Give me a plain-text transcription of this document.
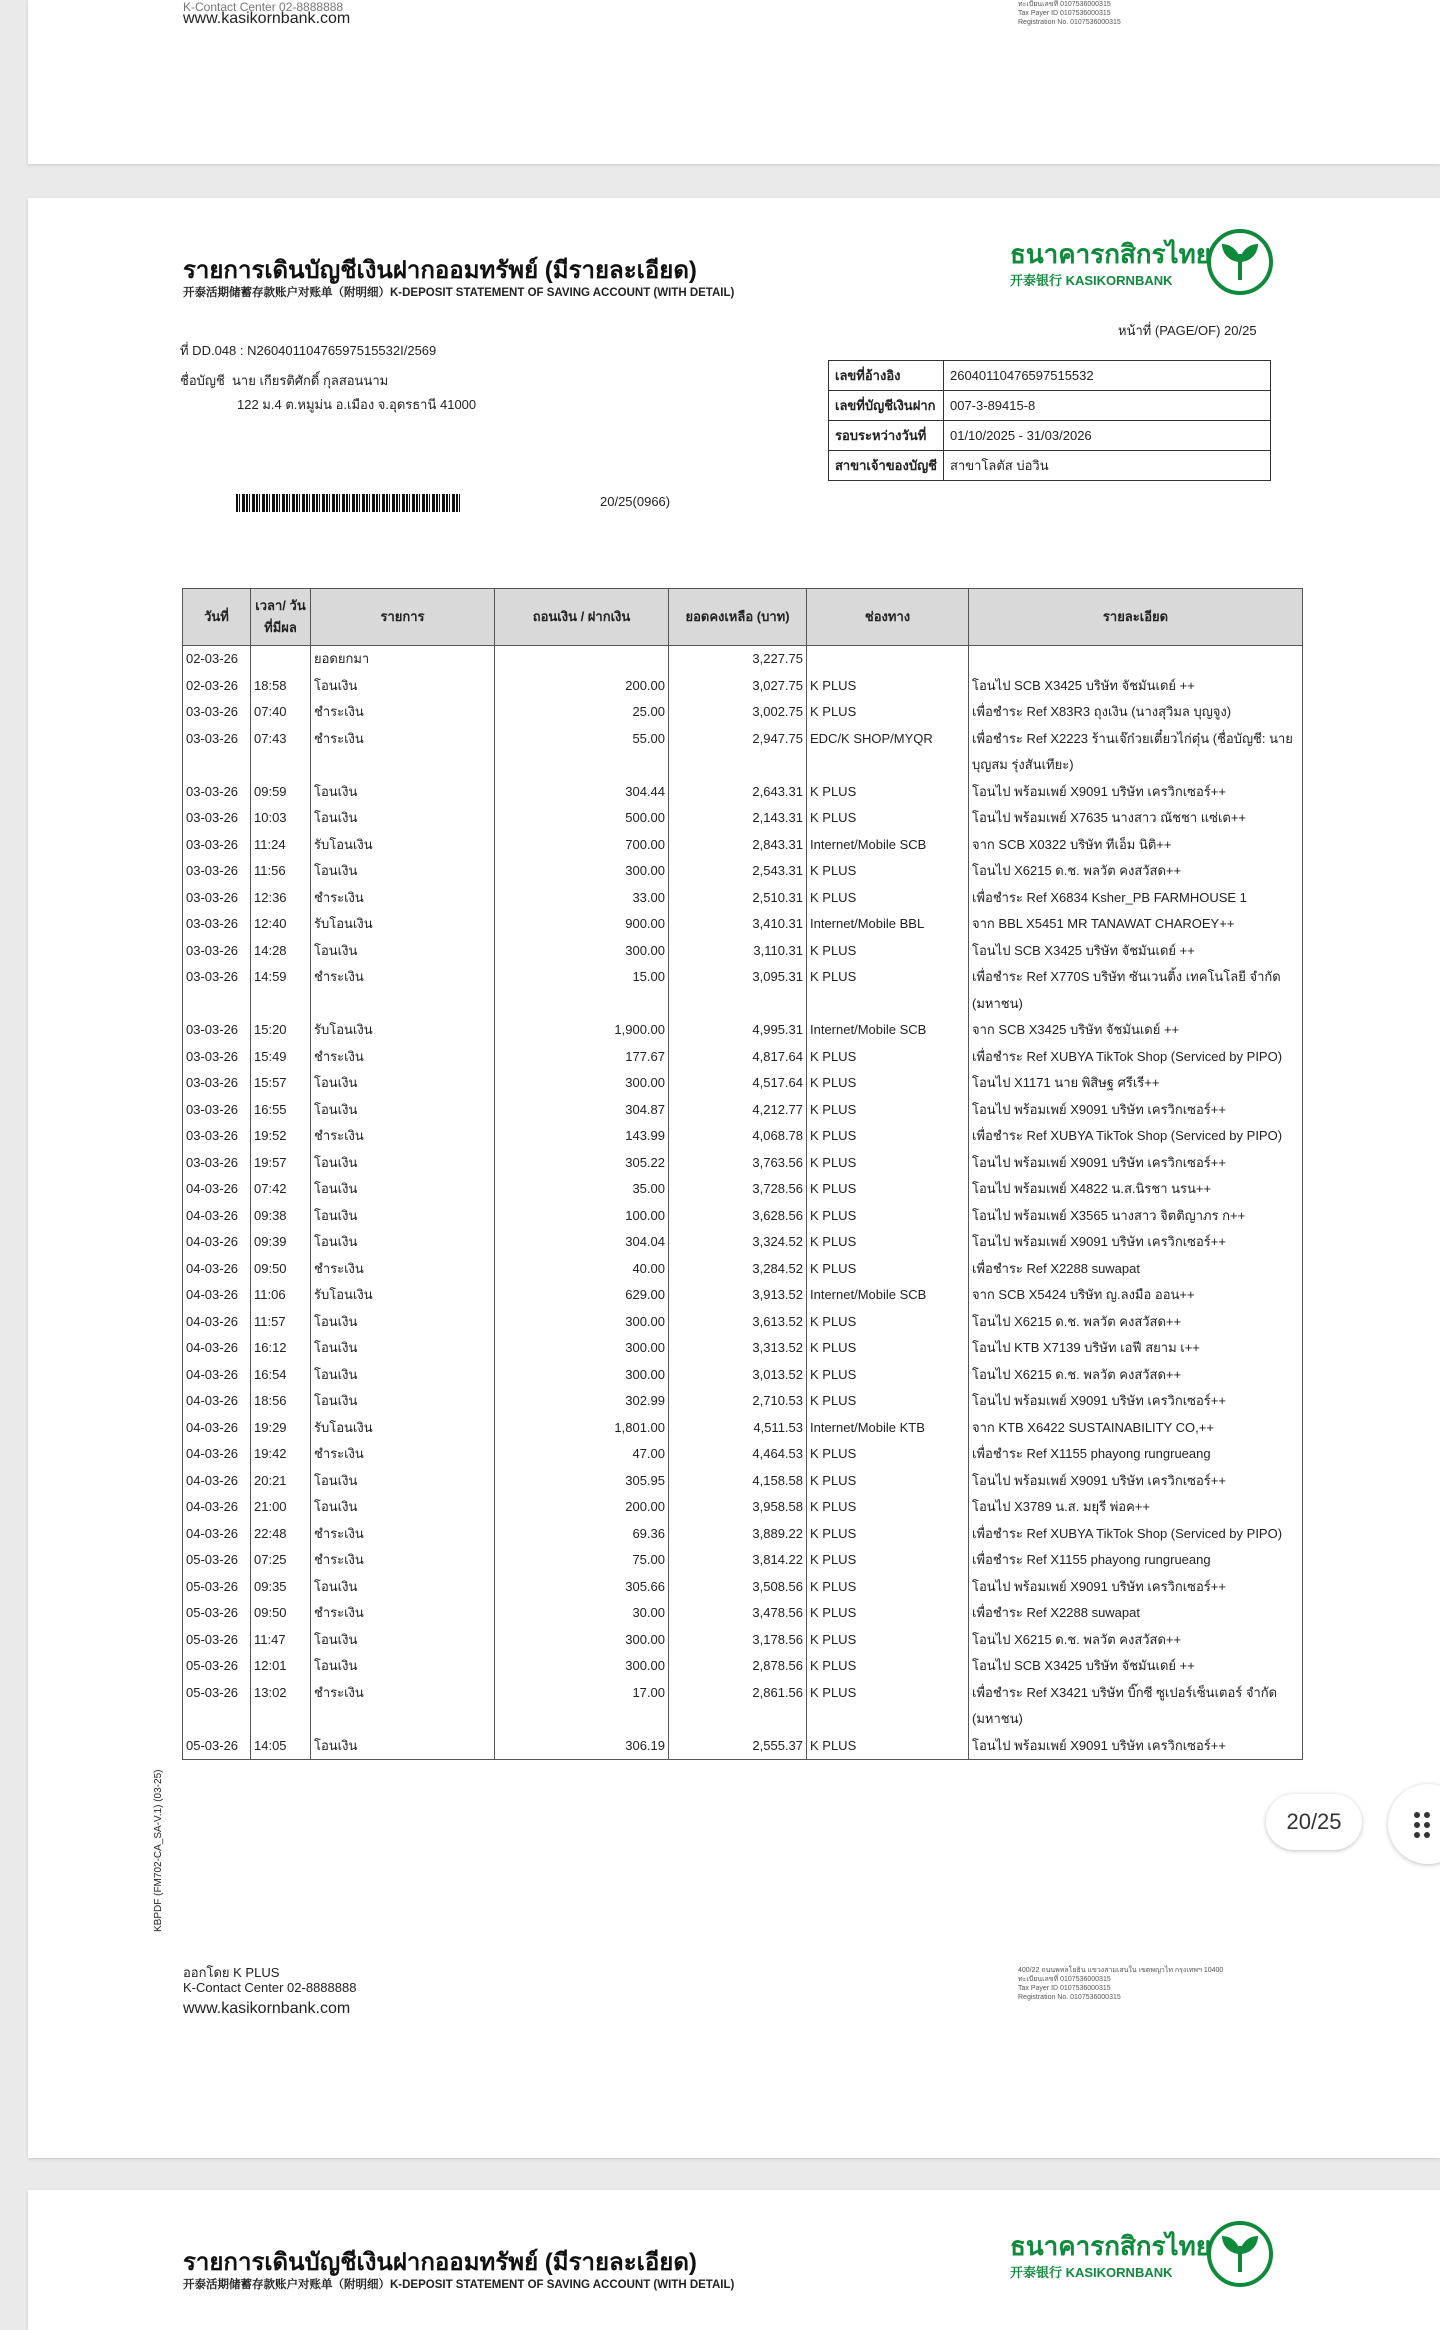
K-Contact Center 02-8888888
www.kasikornbank.com
ทะเบียนเลขที่ 0107536000315
Tax Payer ID 0107536000315
Registration No. 0107536000315
รายการเดินบัญชีเงินฝากออมทรัพย์ (มีรายละเอียด)
开泰活期储蓄存款账户对账单（附明细）K-DEPOSIT STATEMENT OF SAVING ACCOUNT (WITH DETAIL)
ธนาคารกสิกรไทย
开泰银行 KASIKORNBANK
หน้าที่ (PAGE/OF) 20/25
ที่ DD.048 : N26040110476597515532I/2569
ชื่อบัญชี นาย เกียรติศักดิ์ กุลสอนนาม
122 ม.4 ต.หมูม่น อ.เมือง จ.อุดรธานี 41000
เลขที่อ้างอิง	26040110476597515532
เลขที่บัญชีเงินฝาก	007-3-89415-8
รอบระหว่างวันที่	01/10/2025 - 31/03/2026
สาขาเจ้าของบัญชี	สาขาโลตัส บ่อวิน
20/25(0966)
วันที่	เวลา/ วันที่มีผล	รายการ	ถอนเงิน / ฝากเงิน	ยอดคงเหลือ (บาท)	ช่องทาง	รายละเอียด
02-03-26		ยอดยกมา		3,227.75		
02-03-26	18:58	โอนเงิน	200.00	3,027.75	K PLUS	โอนไป SCB X3425 บริษัท จัชมันเดย์ ++
03-03-26	07:40	ชำระเงิน	25.00	3,002.75	K PLUS	เพื่อชำระ Ref X83R3 ถุงเงิน (นางสุวิมล บุญจูง)
03-03-26	07:43	ชำระเงิน	55.00	2,947.75	EDC/K SHOP/MYQR	เพื่อชำระ Ref X2223 ร้านเจ๊ก๋วยเตี๋ยวไก่ตุ๋น (ชื่อบัญชี: นาย บุญสม รุ่งสันเทียะ)
03-03-26	09:59	โอนเงิน	304.44	2,643.31	K PLUS	โอนไป พร้อมเพย์ X9091 บริษัท เครวิกเซอร์++
03-03-26	10:03	โอนเงิน	500.00	2,143.31	K PLUS	โอนไป พร้อมเพย์ X7635 นางสาว ณัชชา แซ่เต++
03-03-26	11:24	รับโอนเงิน	700.00	2,843.31	Internet/Mobile SCB	จาก SCB X0322 บริษัท ทีเอ็ม นิติ++
03-03-26	11:56	โอนเงิน	300.00	2,543.31	K PLUS	โอนไป X6215 ด.ช. พลวัต คงสวัสด++
03-03-26	12:36	ชำระเงิน	33.00	2,510.31	K PLUS	เพื่อชำระ Ref X6834 Ksher_PB FARMHOUSE 1
03-03-26	12:40	รับโอนเงิน	900.00	3,410.31	Internet/Mobile BBL	จาก BBL X5451 MR TANAWAT CHAROEY++
03-03-26	14:28	โอนเงิน	300.00	3,110.31	K PLUS	โอนไป SCB X3425 บริษัท จัชมันเดย์ ++
03-03-26	14:59	ชำระเงิน	15.00	3,095.31	K PLUS	เพื่อชำระ Ref X770S บริษัท ซันเวนติ้ง เทคโนโลยี จำกัด (มหาชน)
03-03-26	15:20	รับโอนเงิน	1,900.00	4,995.31	Internet/Mobile SCB	จาก SCB X3425 บริษัท จัชมันเดย์ ++
03-03-26	15:49	ชำระเงิน	177.67	4,817.64	K PLUS	เพื่อชำระ Ref XUBYA TikTok Shop (Serviced by PIPO)
03-03-26	15:57	โอนเงิน	300.00	4,517.64	K PLUS	โอนไป X1171 นาย พิสิษฐ ศรีเรี++
03-03-26	16:55	โอนเงิน	304.87	4,212.77	K PLUS	โอนไป พร้อมเพย์ X9091 บริษัท เครวิกเซอร์++
03-03-26	19:52	ชำระเงิน	143.99	4,068.78	K PLUS	เพื่อชำระ Ref XUBYA TikTok Shop (Serviced by PIPO)
03-03-26	19:57	โอนเงิน	305.22	3,763.56	K PLUS	โอนไป พร้อมเพย์ X9091 บริษัท เครวิกเซอร์++
04-03-26	07:42	โอนเงิน	35.00	3,728.56	K PLUS	โอนไป พร้อมเพย์ X4822 น.ส.นิรชา นรน++
04-03-26	09:38	โอนเงิน	100.00	3,628.56	K PLUS	โอนไป พร้อมเพย์ X3565 นางสาว จิตติญาภร ก++
04-03-26	09:39	โอนเงิน	304.04	3,324.52	K PLUS	โอนไป พร้อมเพย์ X9091 บริษัท เครวิกเซอร์++
04-03-26	09:50	ชำระเงิน	40.00	3,284.52	K PLUS	เพื่อชำระ Ref X2288 suwapat
04-03-26	11:06	รับโอนเงิน	629.00	3,913.52	Internet/Mobile SCB	จาก SCB X5424 บริษัท ญ.ลงมือ ออน++
04-03-26	11:57	โอนเงิน	300.00	3,613.52	K PLUS	โอนไป X6215 ด.ช. พลวัต คงสวัสด++
04-03-26	16:12	โอนเงิน	300.00	3,313.52	K PLUS	โอนไป KTB X7139 บริษัท เอฟี สยาม เ++
04-03-26	16:54	โอนเงิน	300.00	3,013.52	K PLUS	โอนไป X6215 ด.ช. พลวัต คงสวัสด++
04-03-26	18:56	โอนเงิน	302.99	2,710.53	K PLUS	โอนไป พร้อมเพย์ X9091 บริษัท เครวิกเซอร์++
04-03-26	19:29	รับโอนเงิน	1,801.00	4,511.53	Internet/Mobile KTB	จาก KTB X6422 SUSTAINABILITY CO,++
04-03-26	19:42	ชำระเงิน	47.00	4,464.53	K PLUS	เพื่อชำระ Ref X1155 phayong rungrueang
04-03-26	20:21	โอนเงิน	305.95	4,158.58	K PLUS	โอนไป พร้อมเพย์ X9091 บริษัท เครวิกเซอร์++
04-03-26	21:00	โอนเงิน	200.00	3,958.58	K PLUS	โอนไป X3789 น.ส. มยุรี พ่อค++
04-03-26	22:48	ชำระเงิน	69.36	3,889.22	K PLUS	เพื่อชำระ Ref XUBYA TikTok Shop (Serviced by PIPO)
05-03-26	07:25	ชำระเงิน	75.00	3,814.22	K PLUS	เพื่อชำระ Ref X1155 phayong rungrueang
05-03-26	09:35	โอนเงิน	305.66	3,508.56	K PLUS	โอนไป พร้อมเพย์ X9091 บริษัท เครวิกเซอร์++
05-03-26	09:50	ชำระเงิน	30.00	3,478.56	K PLUS	เพื่อชำระ Ref X2288 suwapat
05-03-26	11:47	โอนเงิน	300.00	3,178.56	K PLUS	โอนไป X6215 ด.ช. พลวัต คงสวัสด++
05-03-26	12:01	โอนเงิน	300.00	2,878.56	K PLUS	โอนไป SCB X3425 บริษัท จัชมันเดย์ ++
05-03-26	13:02	ชำระเงิน	17.00	2,861.56	K PLUS	เพื่อชำระ Ref X3421 บริษัท บิ๊กซี ซูเปอร์เซ็นเตอร์ จำกัด (มหาชน)
05-03-26	14:05	โอนเงิน	306.19	2,555.37	K PLUS	โอนไป พร้อมเพย์ X9091 บริษัท เครวิกเซอร์++
KBPDF (FM702-CA_SA-V.1) (03-25)
ออกโดย K PLUS
K-Contact Center 02-8888888
www.kasikornbank.com
400/22 ถนนพหลโยธิน แขวงสามเสนใน เขตพญาไท กรุงเทพฯ 10400
ทะเบียนเลขที่ 0107536000315
Tax Payer ID 0107536000315
Registration No. 0107536000315
รายการเดินบัญชีเงินฝากออมทรัพย์ (มีรายละเอียด)
开泰活期储蓄存款账户对账单（附明细）K-DEPOSIT STATEMENT OF SAVING ACCOUNT (WITH DETAIL)
ธนาคารกสิกรไทย
开泰银行 KASIKORNBANK
20/25
